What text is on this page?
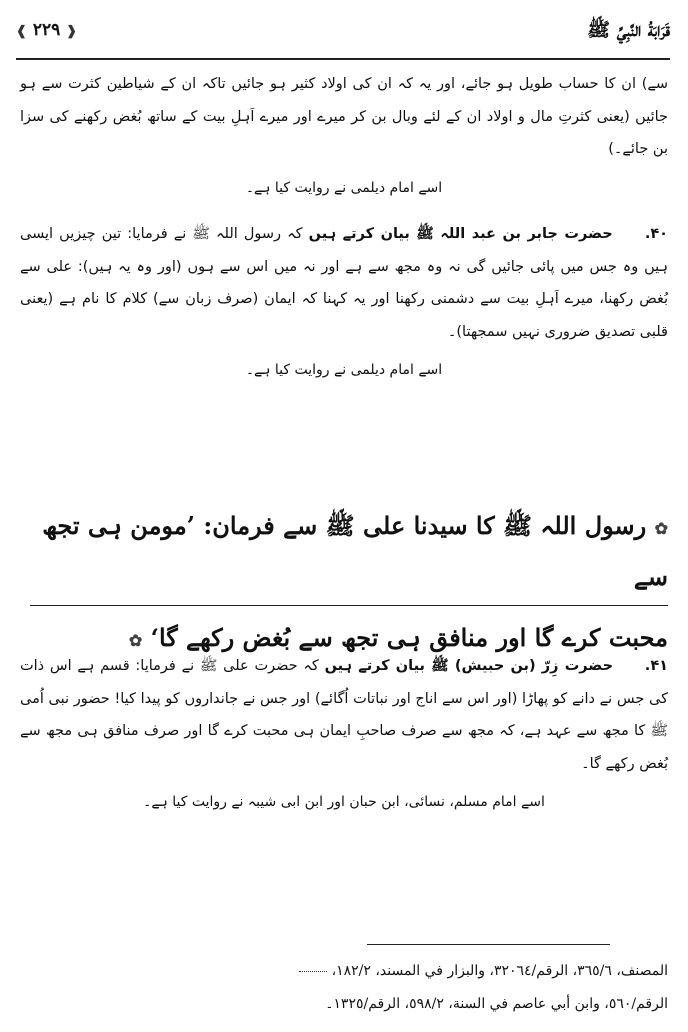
قَرَابَةُ النَّبِيِّ ﷺ
❰ ٢٢٩ ❱

سے) ان کا حساب طویل ہو جائے، اور یہ کہ ان کی اولاد کثیر ہو جائیں تاکہ ان کے شیاطین کثرت سے ہو جائیں (یعنی کثرتِ مال و اولاد ان کے لئے وبال بن کر میرے اور میرے اَہلِ بیت کے ساتھ بُغض رکھنے کی سزا بن جائے۔)

اسے امام دیلمی نے روایت کیا ہے۔

۴۰. حضرت جابر بن عبد اللہ ﷺ بیان کرتے ہیں کہ رسول اللہ ﷺ نے فرمایا: تین چیزیں ایسی ہیں وہ جس میں پائی جائیں گی نہ وہ مجھ سے ہے اور نہ میں اس سے ہوں (اور وہ یہ ہیں): علی سے بُغض رکھنا، میرے اَہلِ بیت سے دشمنی رکھنا اور یہ کہنا کہ ایمان (صرف زبان سے) کلام کا نام ہے (یعنی قلبی تصدیق ضروری نہیں سمجھتا)۔

اسے امام دیلمی نے روایت کیا ہے۔

✿ رسول اللہ ﷺ کا سیدنا علی ﷺ سے فرمان: ’مومن ہی تجھ سے
محبت کرے گا اور منافق ہی تجھ سے بُغض رکھے گا‘ ✿

۴۱. حضرت زِرّ (بن حبیش) ﷺ بیان کرتے ہیں کہ حضرت علی ﷺ نے فرمایا: قسم ہے اس ذات کی جس نے دانے کو پھاڑا (اور اس سے اناج اور نباتات اُگائے) اور جس نے جانداروں کو پیدا کیا! حضور نبی اُمی ﷺ کا مجھ سے عہد ہے، کہ مجھ سے صرف صاحبِ ایمان ہی محبت کرے گا اور صرف منافق ہی مجھ سے بُغض رکھے گا۔

اسے امام مسلم، نسائی، ابن حبان اور ابن ابی شیبہ نے روایت کیا ہے۔

المصنف، ٣٦٥/٦، الرقم/٣٢٠٦٤، والبزار في المسند، ١٨٢/٢،
الرقم/٥٦٠، وابن أبي عاصم في السنة، ٥٩٨/٢، الرقم/١٣٢٥۔
